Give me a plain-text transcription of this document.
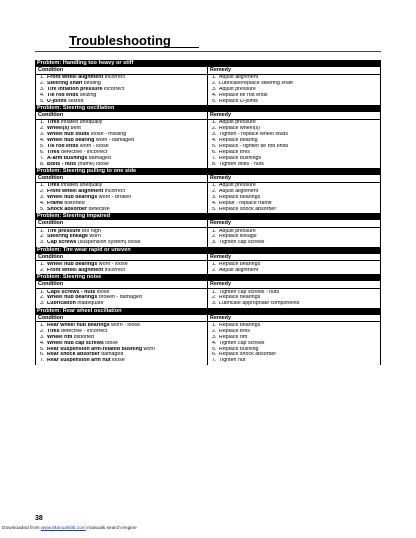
Troubleshooting
Problem: Handling too heavy or stiff
Condition
1. Front wheel alignment incorrect
2. Steering shaft binding
3. Tire inflation pressure incorrect
4. Tie rod ends seizing
5. U-joints seized
Remedy
1. Adjust alignment
2. Lubricate/replace steering shaft
3. Adjust pressure
4. Replace tie rod ends
5. Replace U-joints
Problem: Steering oscillation
Condition
1. Tires inflated unequally
2. Wheel(s) bent
3. Wheel hub studs loose - missing
4. Wheel hub bearing worn - damaged
5. Tie rod ends worn - loose
6. Tires defective - incorrect
7. A-arm bushings damaged
8. Bolts - nuts (frame) loose
Remedy
1. Adjust pressure
2. Replace wheel(s)
3. Tighten - replace wheel studs
4. Replace bearing
5. Replace - tighten tie rod ends
6. Replace tires
7. Replace bushings
8. Tighten bolts - nuts
Problem: Steering pulling to one side
Condition
1. Tires inflated unequally
2. Front wheel alignment incorrect
3. Wheel hub bearings worn - broken
4. Frame distorted
5. Shock absorber defective
Remedy
1. Adjust pressure
2. Adjust alignment
3. Replace bearings
4. Repair - replace frame
5. Replace shock absorber
Problem: Steering impaired
Condition
1. Tire pressure too high
2. Steering linkage worn
3. Cap screws (suspension system) loose
Remedy
1. Adjust pressure
2. Replace linkage
3. Tighten cap screws
Problem: Tire wear rapid or uneven
Condition
1. Wheel hub bearings worn - loose
2. Front wheel alignment incorrect
Remedy
1. Replace bearings
2. Adjust alignment
Problem: Steering noise
Condition
1. Caps screws - nuts loose
2. Wheel hub bearings broken - damaged
3. Lubrication inadequate
Remedy
1. Tighten cap screws - nuts
2. Replace bearings
3. Lubricate appropriate components
Problem: Rear wheel oscillation
Condition
1. Rear wheel hub bearings worn - loose
2. Tires defective - incorrect
3. Wheel rim distorted
4. Wheel hub cap screws loose
5. Rear suspension arm-related bushing worn
6. Rear shock absorber damaged
7. Rear suspension arm nut loose
Remedy
1. Replace bearings
2. Replace tires
3. Replace rim
4. Tighten cap screws
5. Replace bushing
6. Replace shock absorber
7. Tighten nut
38
Downloaded from www.Manualslib.com manuals search engine
